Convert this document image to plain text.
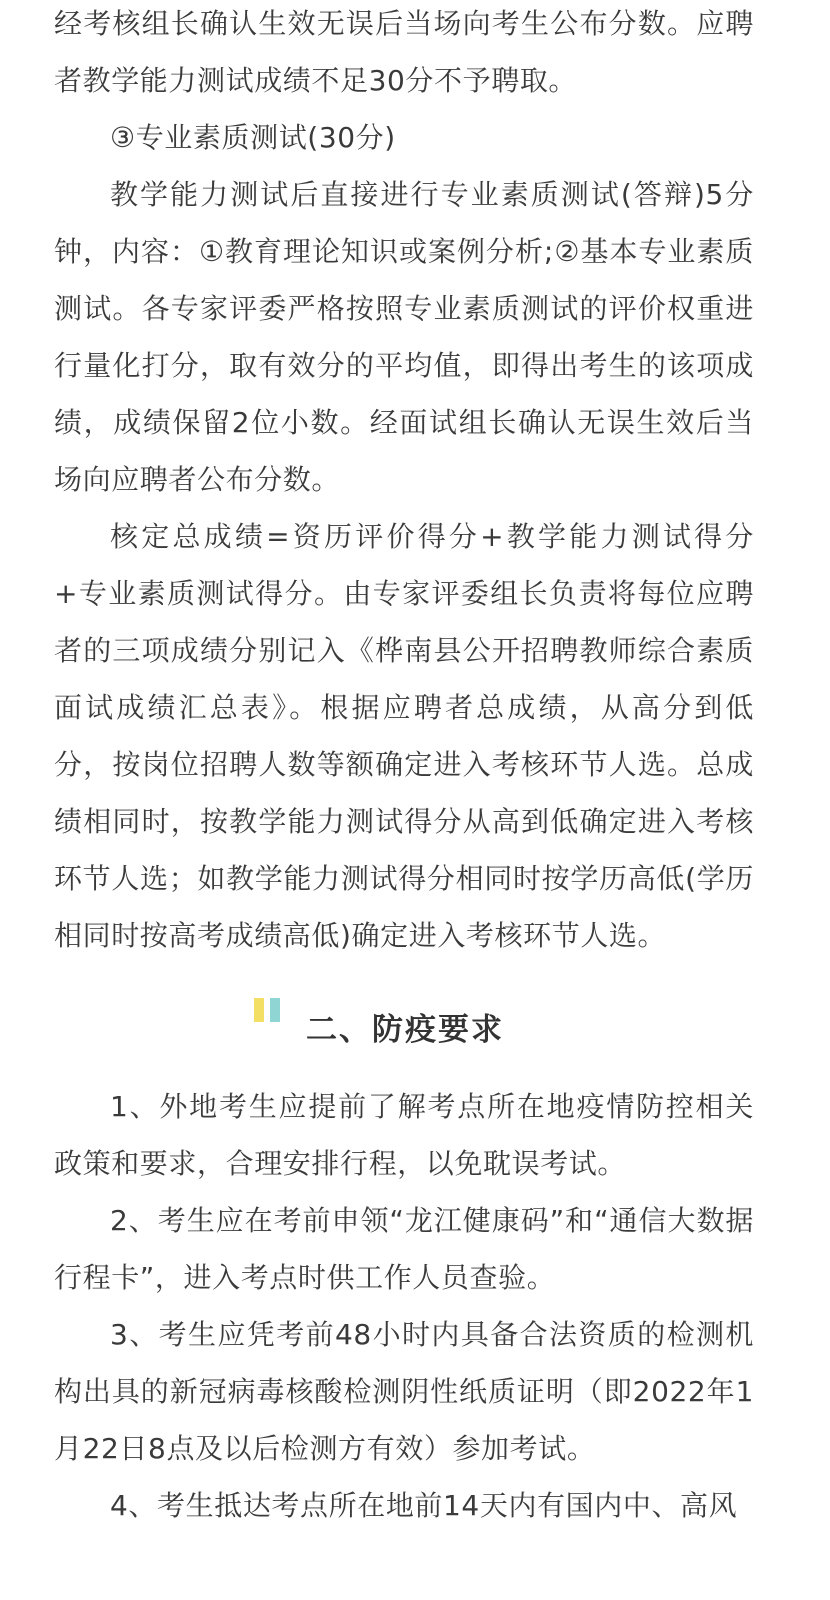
经考核组长确认生效无误后当场向考生公布分数。应聘者教学能力测试成绩不足30分不予聘取。

③专业素质测试(30分)

教学能力测试后直接进行专业素质测试(答辩)5分钟，内容：①教育理论知识或案例分析;②基本专业素质测试。各专家评委严格按照专业素质测试的评价权重进行量化打分，取有效分的平均值，即得出考生的该项成绩，成绩保留2位小数。经面试组长确认无误生效后当场向应聘者公布分数。

核定总成绩=资历评价得分+教学能力测试得分+专业素质测试得分。由专家评委组长负责将每位应聘者的三项成绩分别记入《桦南县公开招聘教师综合素质面试成绩汇总表》。根据应聘者总成绩，从高分到低分，按岗位招聘人数等额确定进入考核环节人选。总成绩相同时，按教学能力测试得分从高到低确定进入考核环节人选；如教学能力测试得分相同时按学历高低(学历相同时按高考成绩高低)确定进入考核环节人选。

二、防疫要求

1、外地考生应提前了解考点所在地疫情防控相关政策和要求，合理安排行程，以免耽误考试。

2、考生应在考前申领“龙江健康码”和“通信大数据行程卡”，进入考点时供工作人员查验。

3、考生应凭考前48小时内具备合法资质的检测机构出具的新冠病毒核酸检测阴性纸质证明（即2022年1月22日8点及以后检测方有效）参加考试。

4、考生抵达考点所在地前14天内有国内中、高风
